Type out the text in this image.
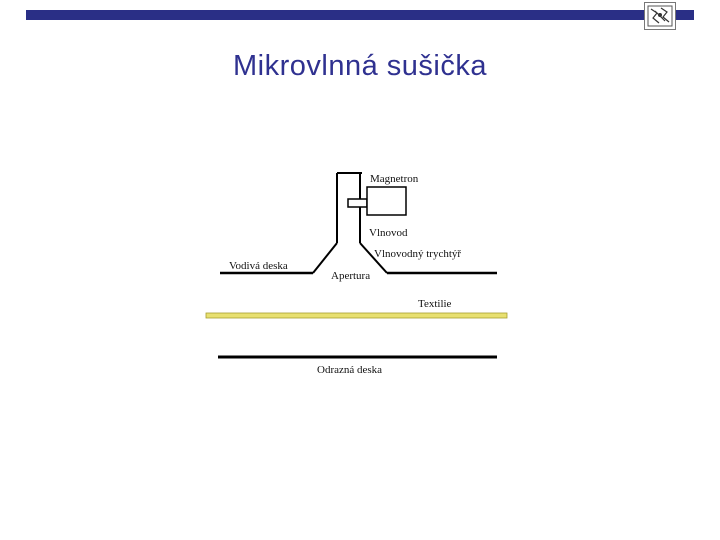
Mikrovlnná sušička
Magnetron
Vlnovod
Vlnovodný trychtýř
Vodivá deska
Apertura
Textilie
Odrazná deska
